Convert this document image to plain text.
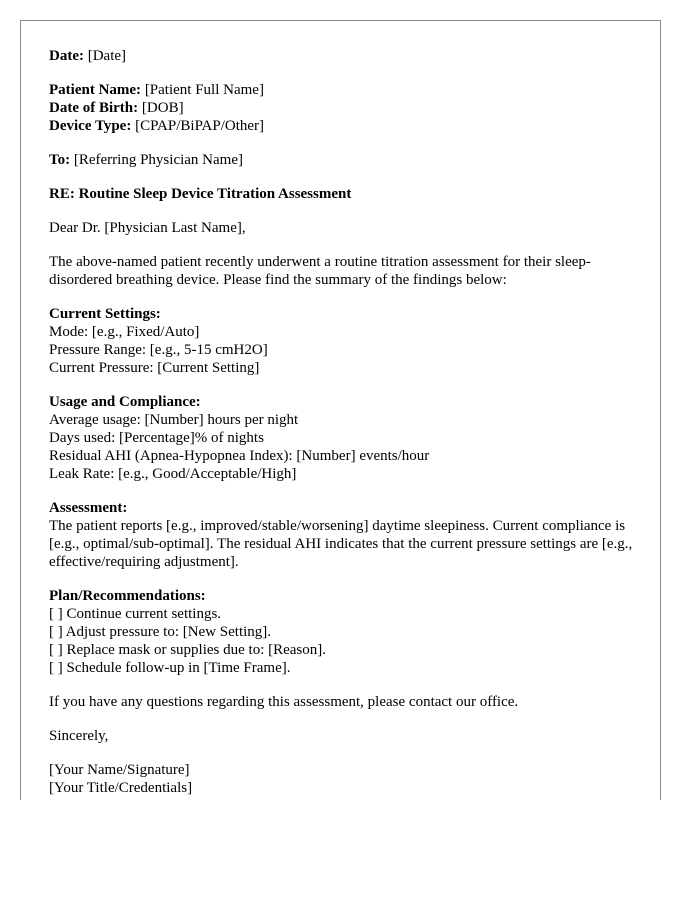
Date: [Date]
Patient Name: [Patient Full Name]
Date of Birth: [DOB]
Device Type: [CPAP/BiPAP/Other]
To: [Referring Physician Name]
RE: Routine Sleep Device Titration Assessment
Dear Dr. [Physician Last Name],
The above-named patient recently underwent a routine titration assessment for their sleep-disordered breathing device. Please find the summary of the findings below:
Current Settings:
Mode: [e.g., Fixed/Auto]
Pressure Range: [e.g., 5-15 cmH2O]
Current Pressure: [Current Setting]
Usage and Compliance:
Average usage: [Number] hours per night
Days used: [Percentage]% of nights
Residual AHI (Apnea-Hypopnea Index): [Number] events/hour
Leak Rate: [e.g., Good/Acceptable/High]
Assessment:
The patient reports [e.g., improved/stable/worsening] daytime sleepiness. Current compliance is [e.g., optimal/sub-optimal]. The residual AHI indicates that the current pressure settings are [e.g., effective/requiring adjustment].
Plan/Recommendations:
[ ] Continue current settings.
[ ] Adjust pressure to: [New Setting].
[ ] Replace mask or supplies due to: [Reason].
[ ] Schedule follow-up in [Time Frame].
If you have any questions regarding this assessment, please contact our office.
Sincerely,
[Your Name/Signature]
[Your Title/Credentials]
